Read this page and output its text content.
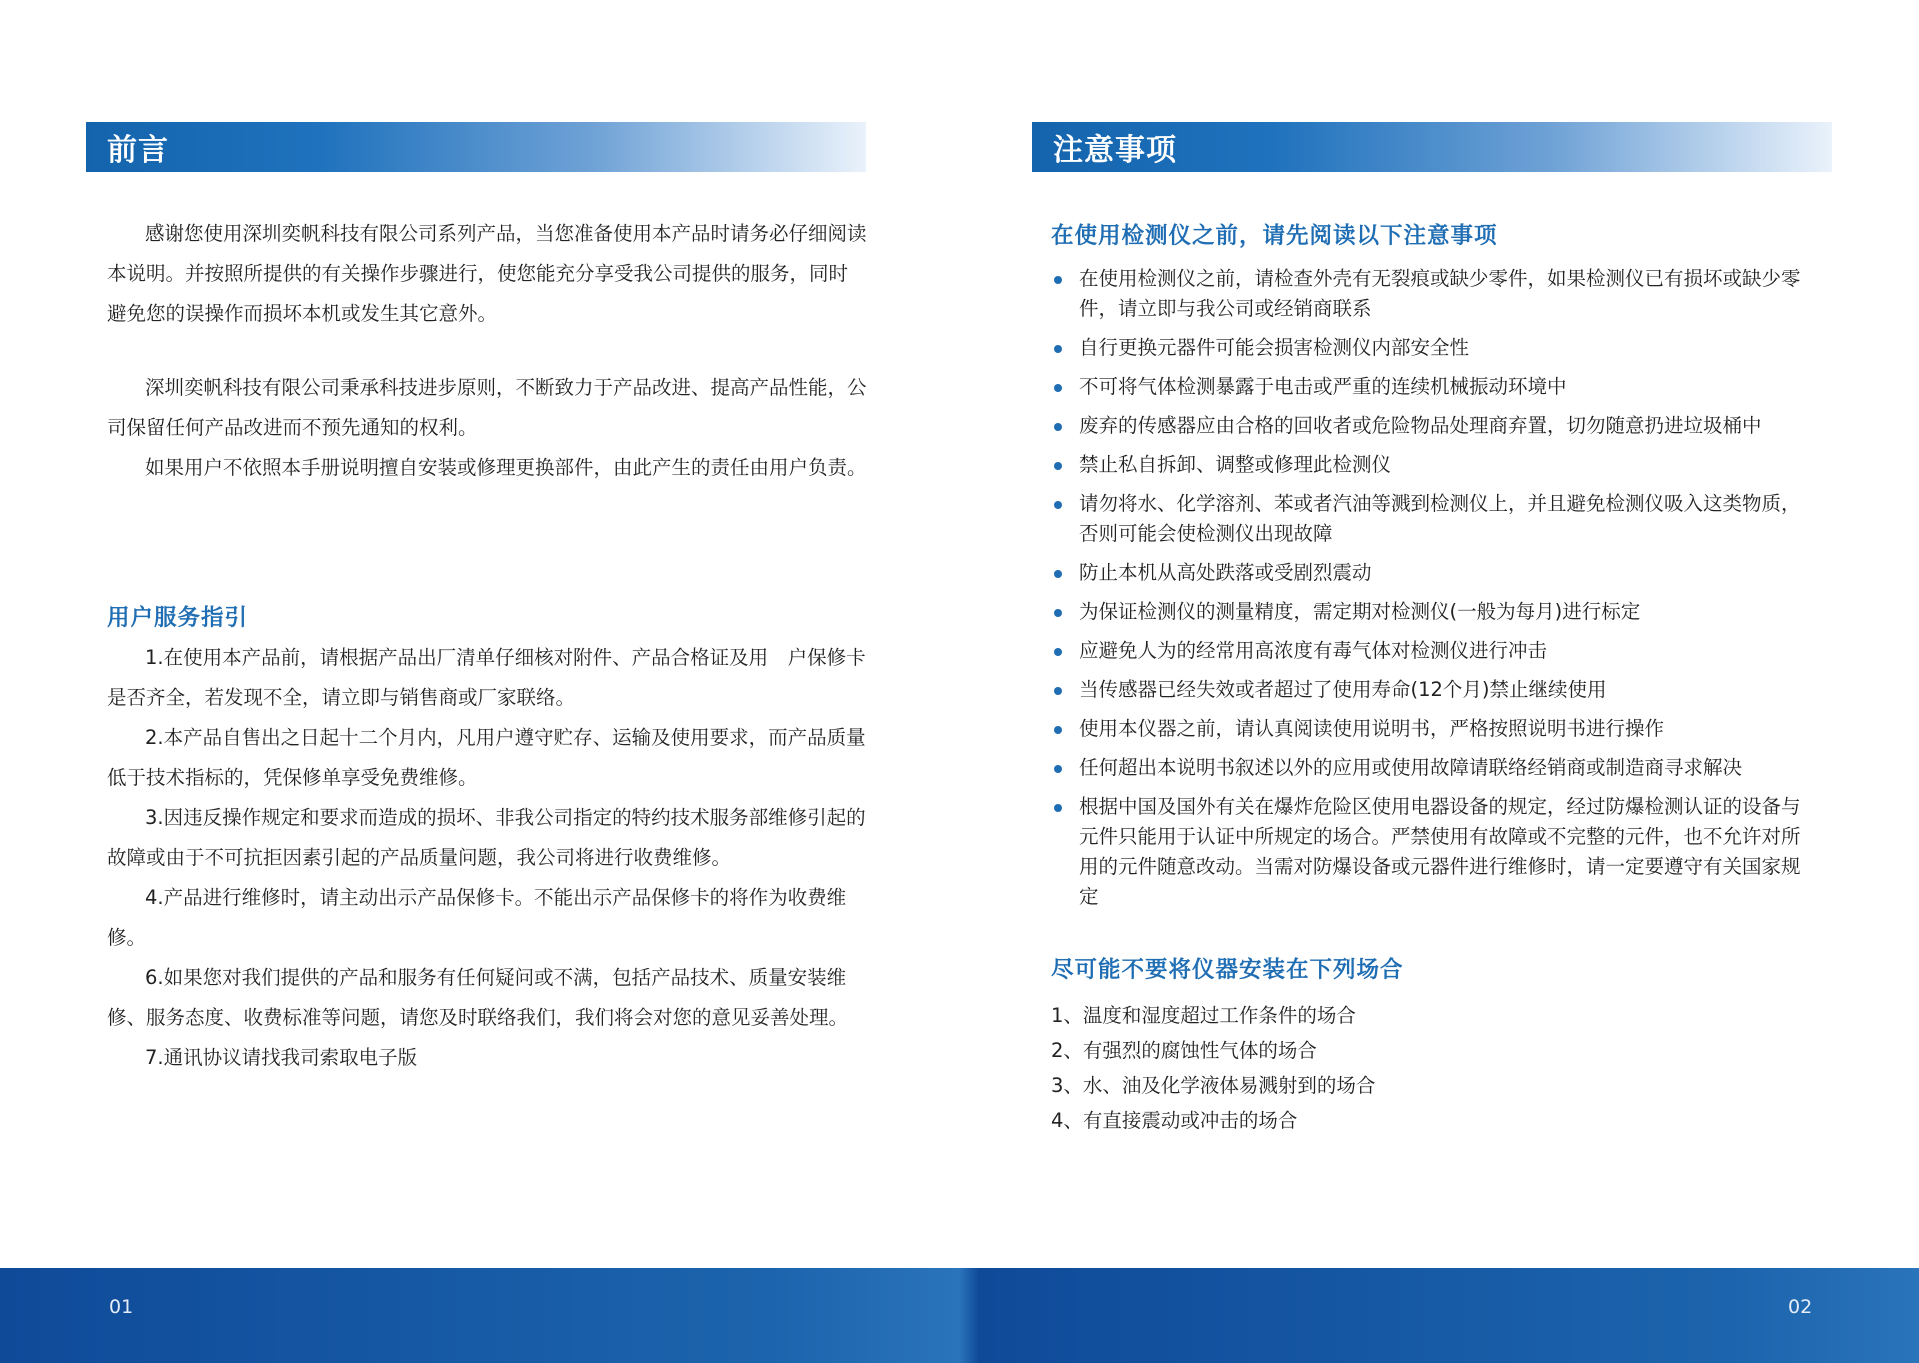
前言

感谢您使用深圳奕帆科技有限公司系列产品，当您准备使用本产品时请务必仔细阅读本说明。并按照所提供的有关操作步骤进行，使您能充分享受我公司提供的服务，同时避免您的误操作而损坏本机或发生其它意外。

深圳奕帆科技有限公司秉承科技进步原则，不断致力于产品改进、提高产品性能，公司保留任何产品改进而不预先通知的权利。

如果用户不依照本手册说明擅自安装或修理更换部件，由此产生的责任由用户负责。

用户服务指引

1.在使用本产品前，请根据产品出厂清单仔细核对附件、产品合格证及用　户保修卡是否齐全，若发现不全，请立即与销售商或厂家联络。

2.本产品自售出之日起十二个月内，凡用户遵守贮存、运输及使用要求，而产品质量低于技术指标的，凭保修单享受免费维修。

3.因违反操作规定和要求而造成的损坏、非我公司指定的特约技术服务部维修引起的故障或由于不可抗拒因素引起的产品质量问题，我公司将进行收费维修。

4.产品进行维修时，请主动出示产品保修卡。不能出示产品保修卡的将作为收费维修。

6.如果您对我们提供的产品和服务有任何疑问或不满，包括产品技术、质量安装维修、服务态度、收费标准等问题，请您及时联络我们，我们将会对您的意见妥善处理。

7.通讯协议请找我司索取电子版

注意事项
在使用检测仪之前，请先阅读以下注意事项
在使用检测仪之前，请检查外壳有无裂痕或缺少零件，如果检测仪已有损坏或缺少零件，请立即与我公司或经销商联系
自行更换元器件可能会损害检测仪内部安全性
不可将气体检测暴露于电击或严重的连续机械振动环境中
废弃的传感器应由合格的回收者或危险物品处理商弃置，切勿随意扔进垃圾桶中
禁止私自拆卸、调整或修理此检测仪
请勿将水、化学溶剂、苯或者汽油等溅到检测仪上，并且避免检测仪吸入这类物质，否则可能会使检测仪出现故障
防止本机从高处跌落或受剧烈震动
为保证检测仪的测量精度，需定期对检测仪(一般为每月)进行标定
应避免人为的经常用高浓度有毒气体对检测仪进行冲击
当传感器已经失效或者超过了使用寿命(12个月)禁止继续使用
使用本仪器之前，请认真阅读使用说明书，严格按照说明书进行操作
任何超出本说明书叙述以外的应用或使用故障请联络经销商或制造商寻求解决
根据中国及国外有关在爆炸危险区使用电器设备的规定，经过防爆检测认证的设备与元件只能用于认证中所规定的场合。严禁使用有故障或不完整的元件，也不允许对所用的元件随意改动。当需对防爆设备或元器件进行维修时，请一定要遵守有关国家规定
尽可能不要将仪器安装在下列场合
1、温度和湿度超过工作条件的场合
2、有强烈的腐蚀性气体的场合
3、水、油及化学液体易溅射到的场合
4、有直接震动或冲击的场合
01	02
